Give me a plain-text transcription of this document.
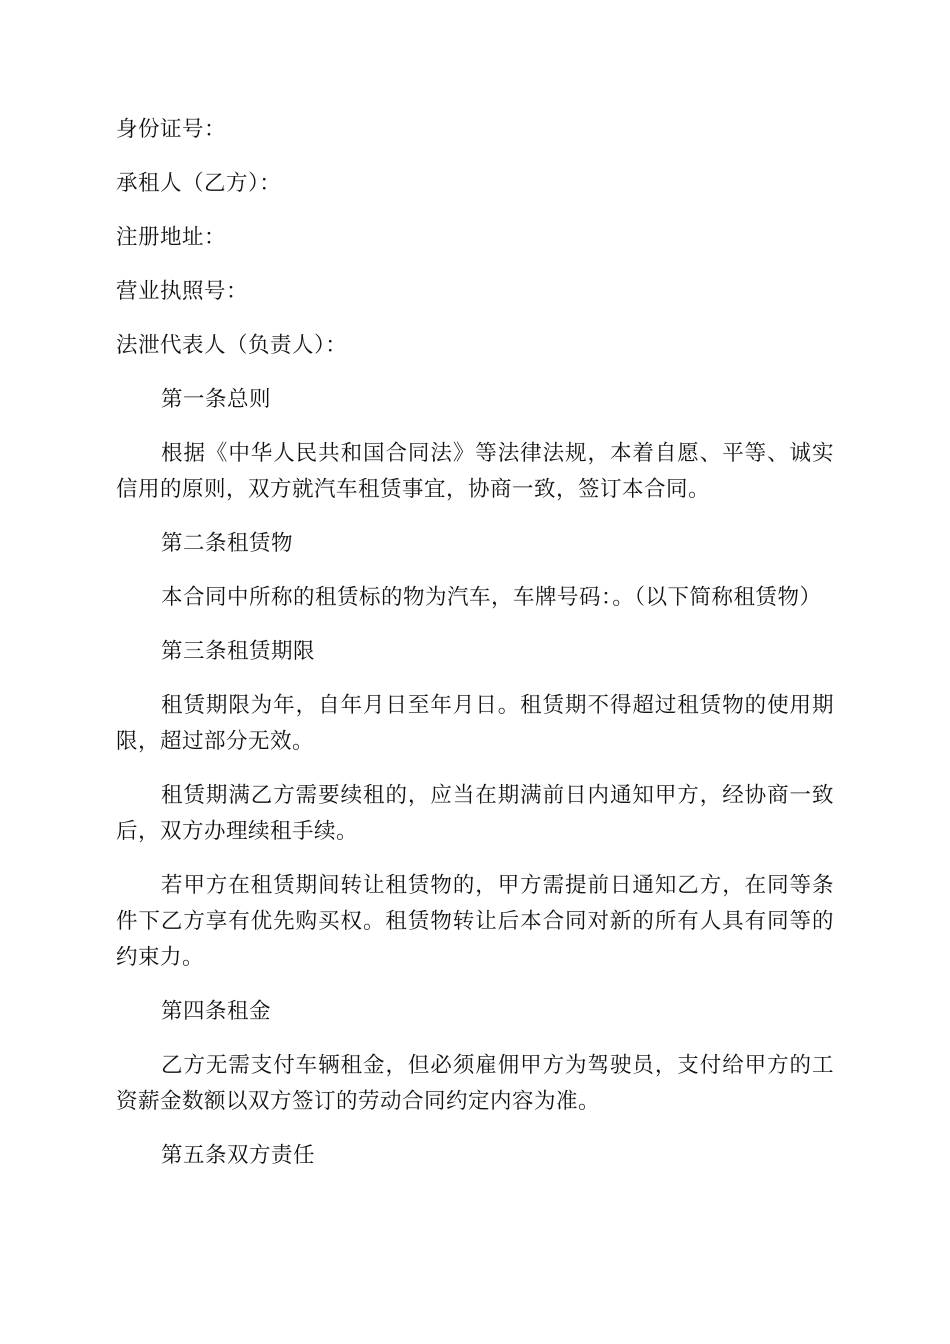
身份证号：

承租人（乙方）：

注册地址：

营业执照号：

法泄代表人（负责人）：

第一条总则

根据《中华人民共和国合同法》等法律法规，本着自愿、平等、诚实信用的原则，双方就汽车租赁事宜，协商一致，签订本合同。

第二条租赁物

本合同中所称的租赁标的物为汽车，车牌号码：。（以下简称租赁物）

第三条租赁期限

租赁期限为年，自年月日至年月日。租赁期不得超过租赁物的使用期限，超过部分无效。

租赁期满乙方需要续租的，应当在期满前日内通知甲方，经协商一致后，双方办理续租手续。

若甲方在租赁期间转让租赁物的，甲方需提前日通知乙方，在同等条件下乙方享有优先购买权。租赁物转让后本合同对新的所有人具有同等的约束力。

第四条租金

乙方无需支付车辆租金，但必须雇佣甲方为驾驶员，支付给甲方的工资薪金数额以双方签订的劳动合同约定内容为准。

第五条双方责任
